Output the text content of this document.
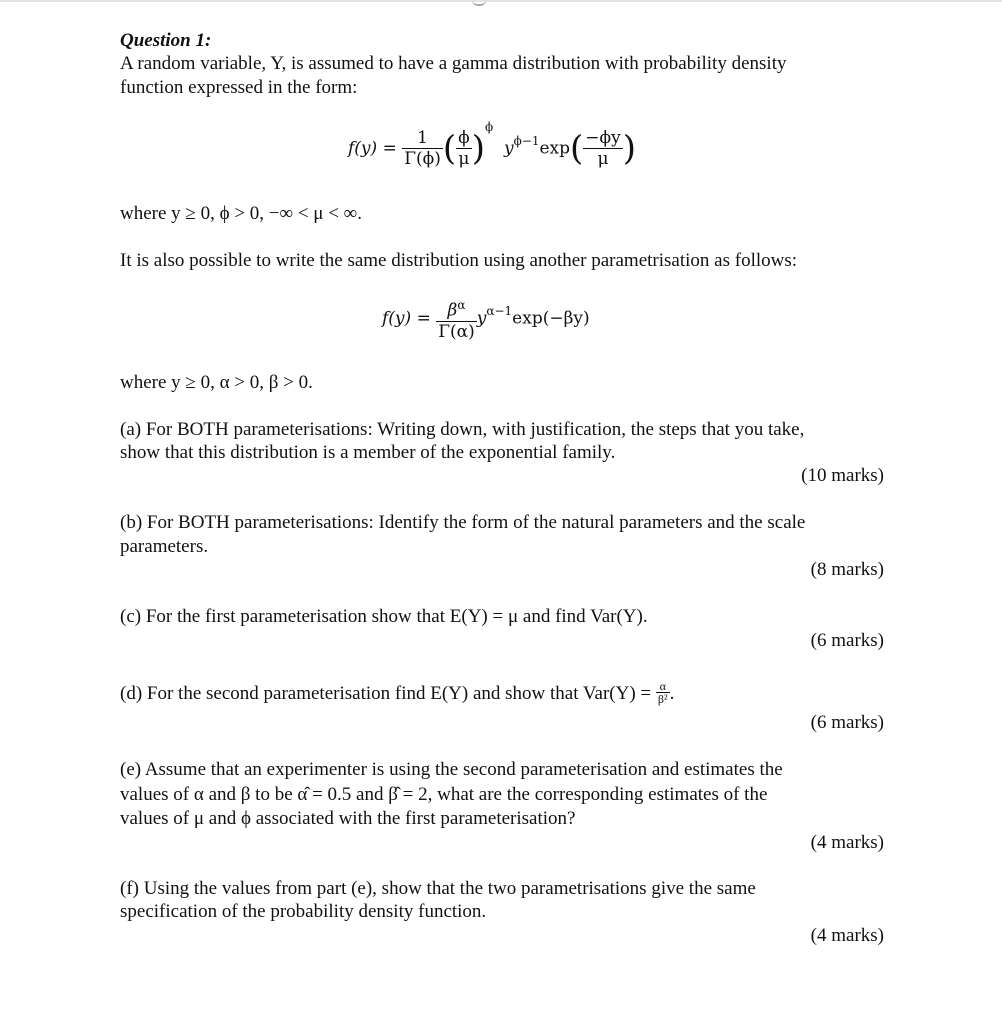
Question 1:
A random variable, Y, is assumed to have a gamma distribution with probability density
function expressed in the form:
$f(y) = \frac{1}{\Gamma(\phi)}$ ( $\frac{\phi}{\mu} )^\phi$  $y^{\phi-1}\exp( \frac{-\phi y}{\mu}$ )
where y ≥ 0, ϕ > 0, −∞ < μ < ∞.
It is also possible to write the same distribution using another parametrisation as follows:
$f(y) = \frac{\beta^\alpha}{\Gamma(\alpha)} y^{\alpha-1}\exp(-\beta y)$
where y ≥ 0, α > 0, β > 0.
(a) For BOTH parameterisations: Writing down, with justification, the steps that you take,
show that this distribution is a member of the exponential family.
(10 marks)
(b) For BOTH parameterisations: Identify the form of the natural parameters and the scale
parameters.
(8 marks)
(c) For the first parameterisation show that E(Y) = μ and find Var(Y).
(6 marks)
(d) For the second parameterisation find E(Y) and show that $Var(Y) = \frac{\alpha}{\text{β²}}$ .
(6 marks)
(e) Assume that an experimenter is using the second parameterisation and estimates the
values of α and β to be α̂ = 0.5 and β̂ = 2, what are the corresponding estimates of the
values of μ and ϕ associated with the first parameterisation?
(4 marks)
(f) Using the values from part (e), show that the two parametrisations give the same
specification of the probability density function.
(4 marks)
